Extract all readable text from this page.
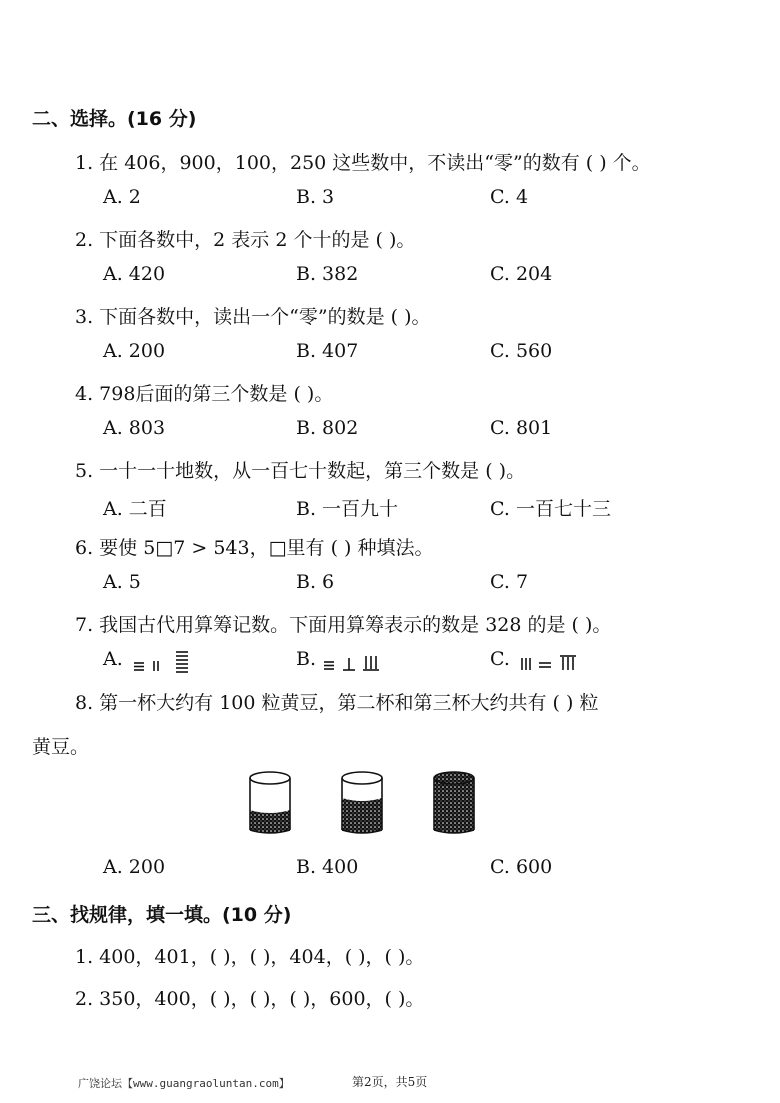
二、选择。(16 分)
1. 在 406，900，100，250 这些数中，不读出“零”的数有 ( ) 个。
A. 2	B. 3	C. 4
2. 下面各数中，2 表示 2 个十的是 ( )。
A. 420	B. 382	C. 204
3. 下面各数中，读出一个“零”的数是 ( )。
A. 200	B. 407	C. 560
4. 798后面的第三个数是 ( )。
A. 803	B. 802	C. 801
5. 一十一十地数，从一百七十数起，第三个数是 ( )。
A. 二百	B. 一百九十	C. 一百七十三
6. 要使 5□7 > 543，□里有 ( ) 种填法。
A. 5	B. 6	C. 7
7. 我国古代用算筹记数。下面用算筹表示的数是 328 的是 ( )。
A.	B.	C.
8. 第一杯大约有 100 粒黄豆，第二杯和第三杯大约共有 ( ) 粒
黄豆。
A. 200	B. 400	C. 600
三、找规律，填一填。(10 分)
1. 400，401，( )，( )，404，( )，( )。
2. 350，400，( )，( )，( )，600，( )。
广饶论坛【www.guangraoluntan.com】	第2页，共5页
